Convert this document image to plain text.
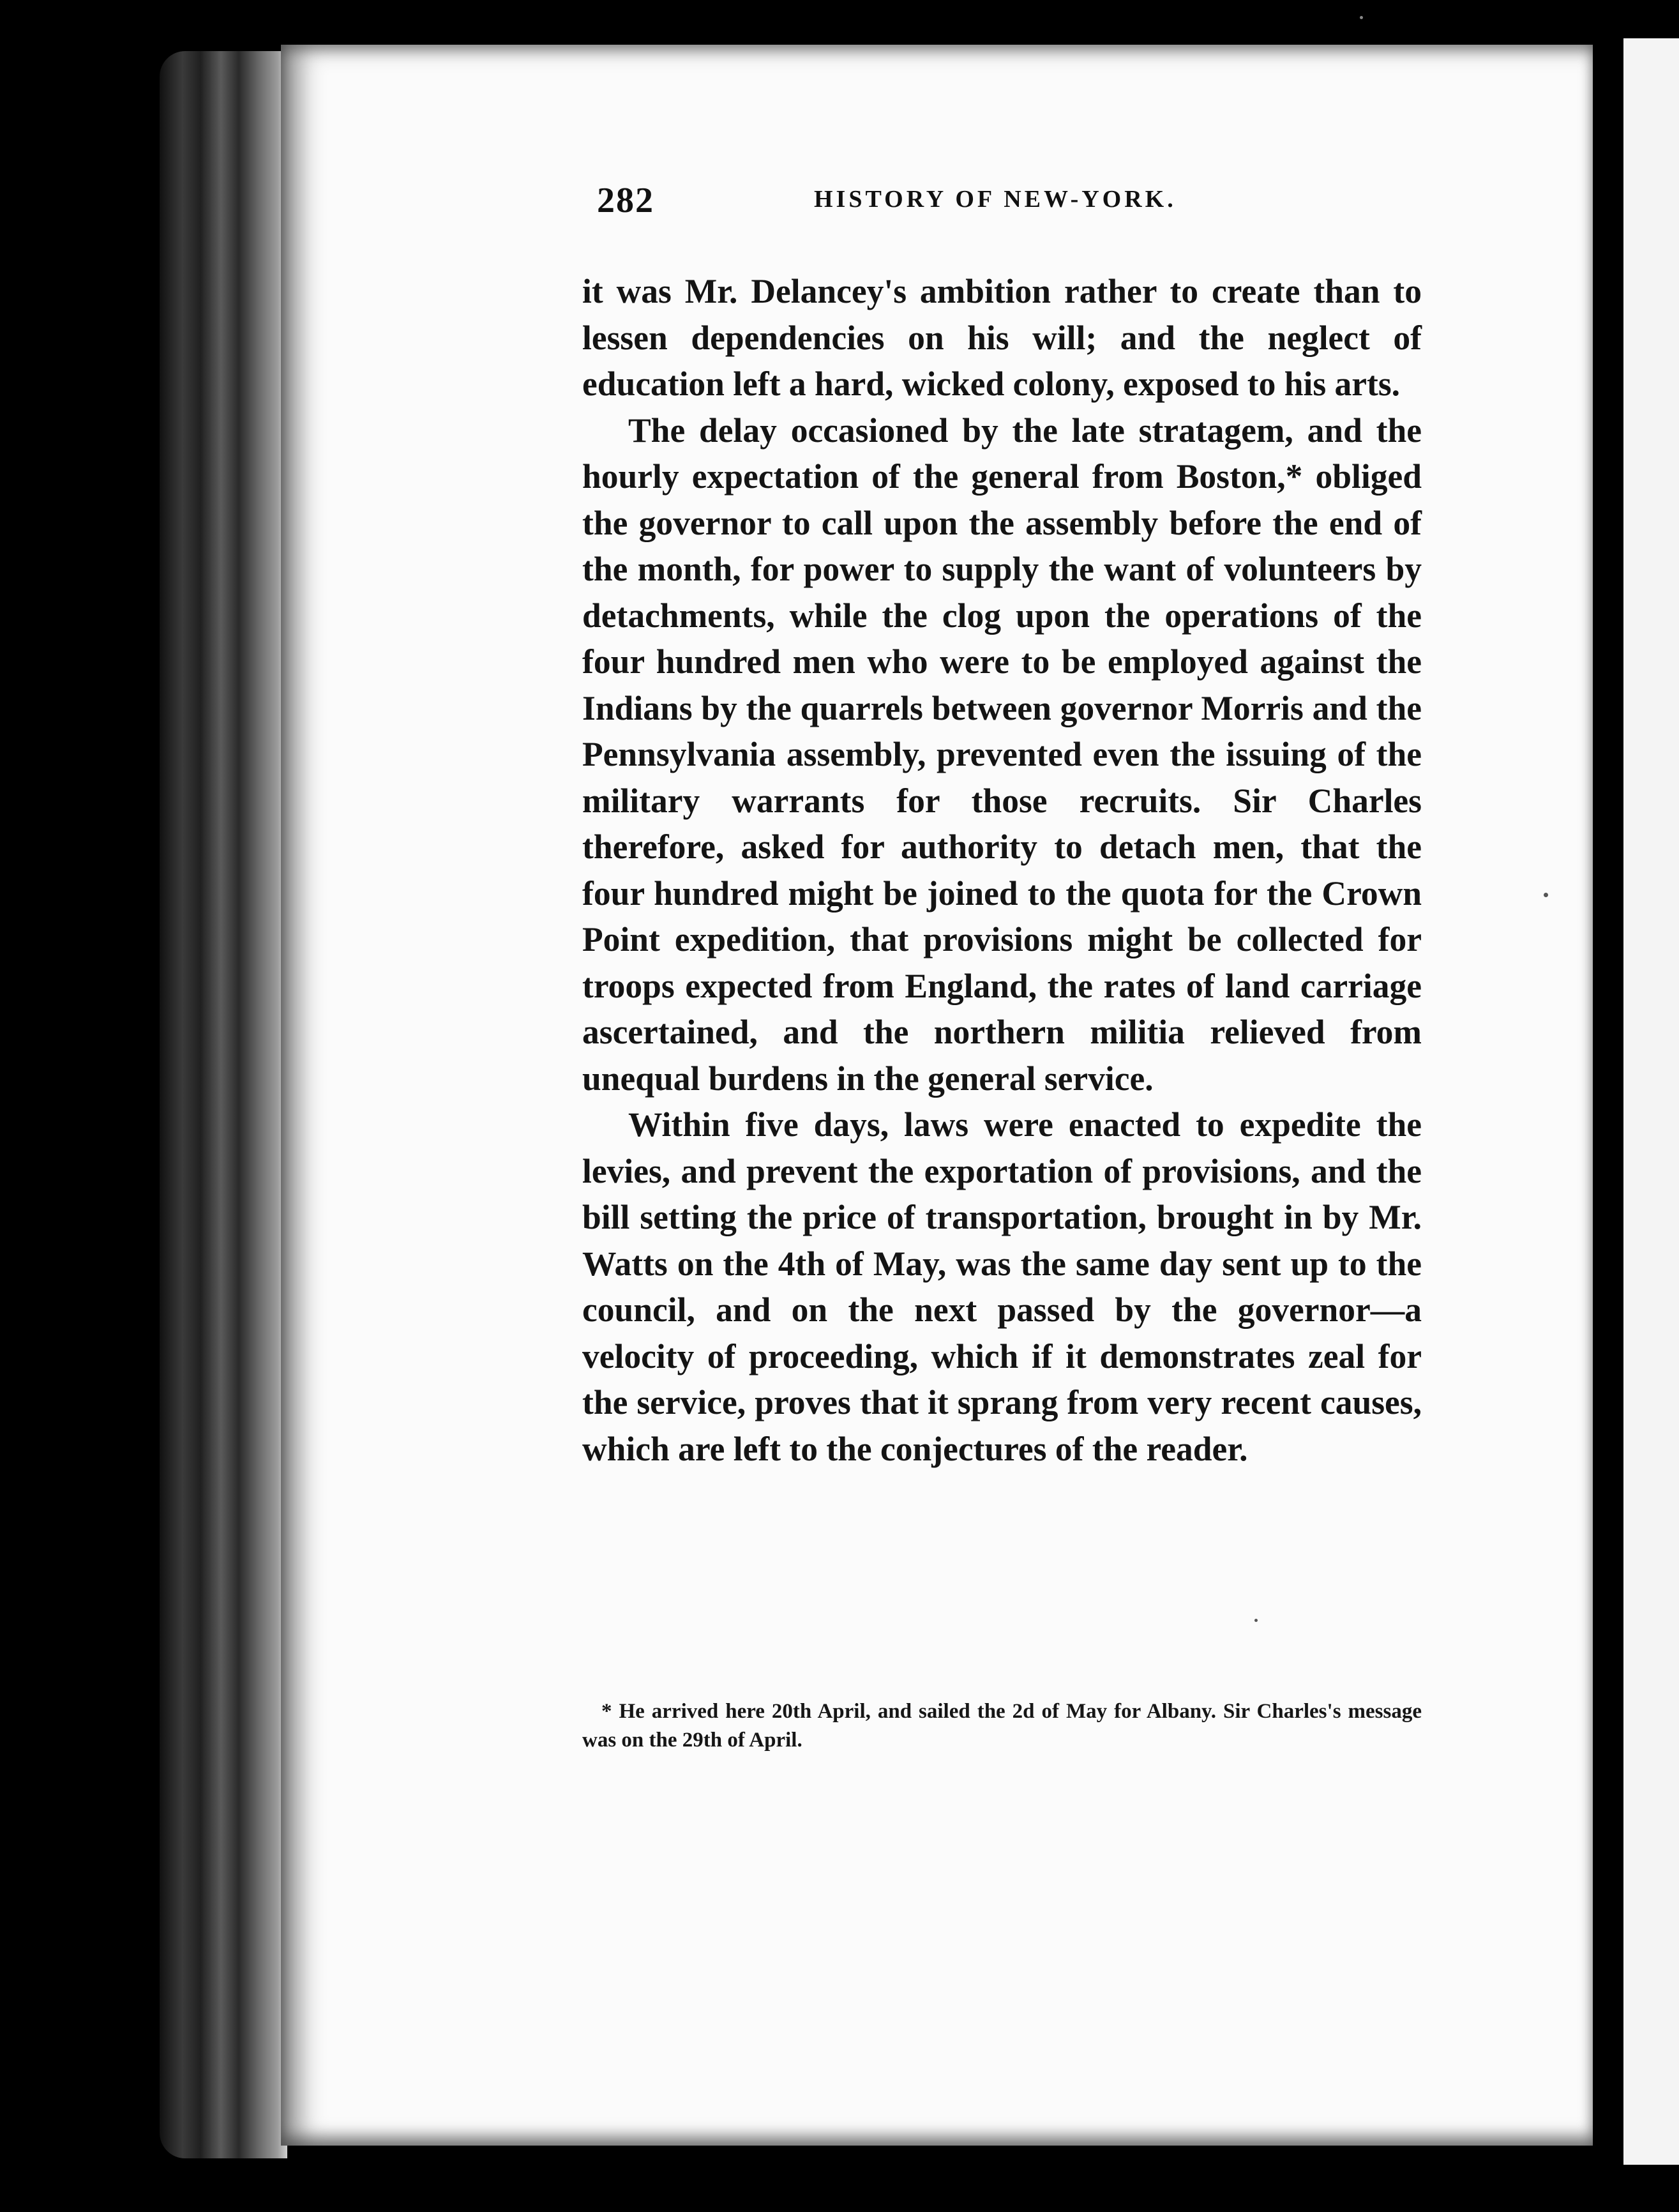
282	HISTORY OF NEW-YORK.

it was Mr. Delancey's ambition rather to create than to lessen dependencies on his will; and the neglect of education left a hard, wicked colony, exposed to his arts.

The delay occasioned by the late stratagem, and the hourly expectation of the general from Boston,* obliged the governor to call upon the assembly before the end of the month, for power to supply the want of volunteers by detachments, while the clog upon the operations of the four hundred men who were to be employed against the Indians by the quarrels between governor Morris and the Pennsylvania assembly, prevented even the issuing of the military warrants for those recruits. Sir Charles therefore, asked for authority to detach men, that the four hundred might be joined to the quota for the Crown Point expedition, that provisions might be collected for troops expected from England, the rates of land carriage ascertained, and the northern militia relieved from unequal burdens in the general service.

Within five days, laws were enacted to expedite the levies, and prevent the exportation of provisions, and the bill setting the price of transportation, brought in by Mr. Watts on the 4th of May, was the same day sent up to the council, and on the next passed by the governor—a velocity of proceeding, which if it demonstrates zeal for the service, proves that it sprang from very recent causes, which are left to the conjectures of the reader.

* He arrived here 20th April, and sailed the 2d of May for Albany. Sir Charles's message was on the 29th of April.
